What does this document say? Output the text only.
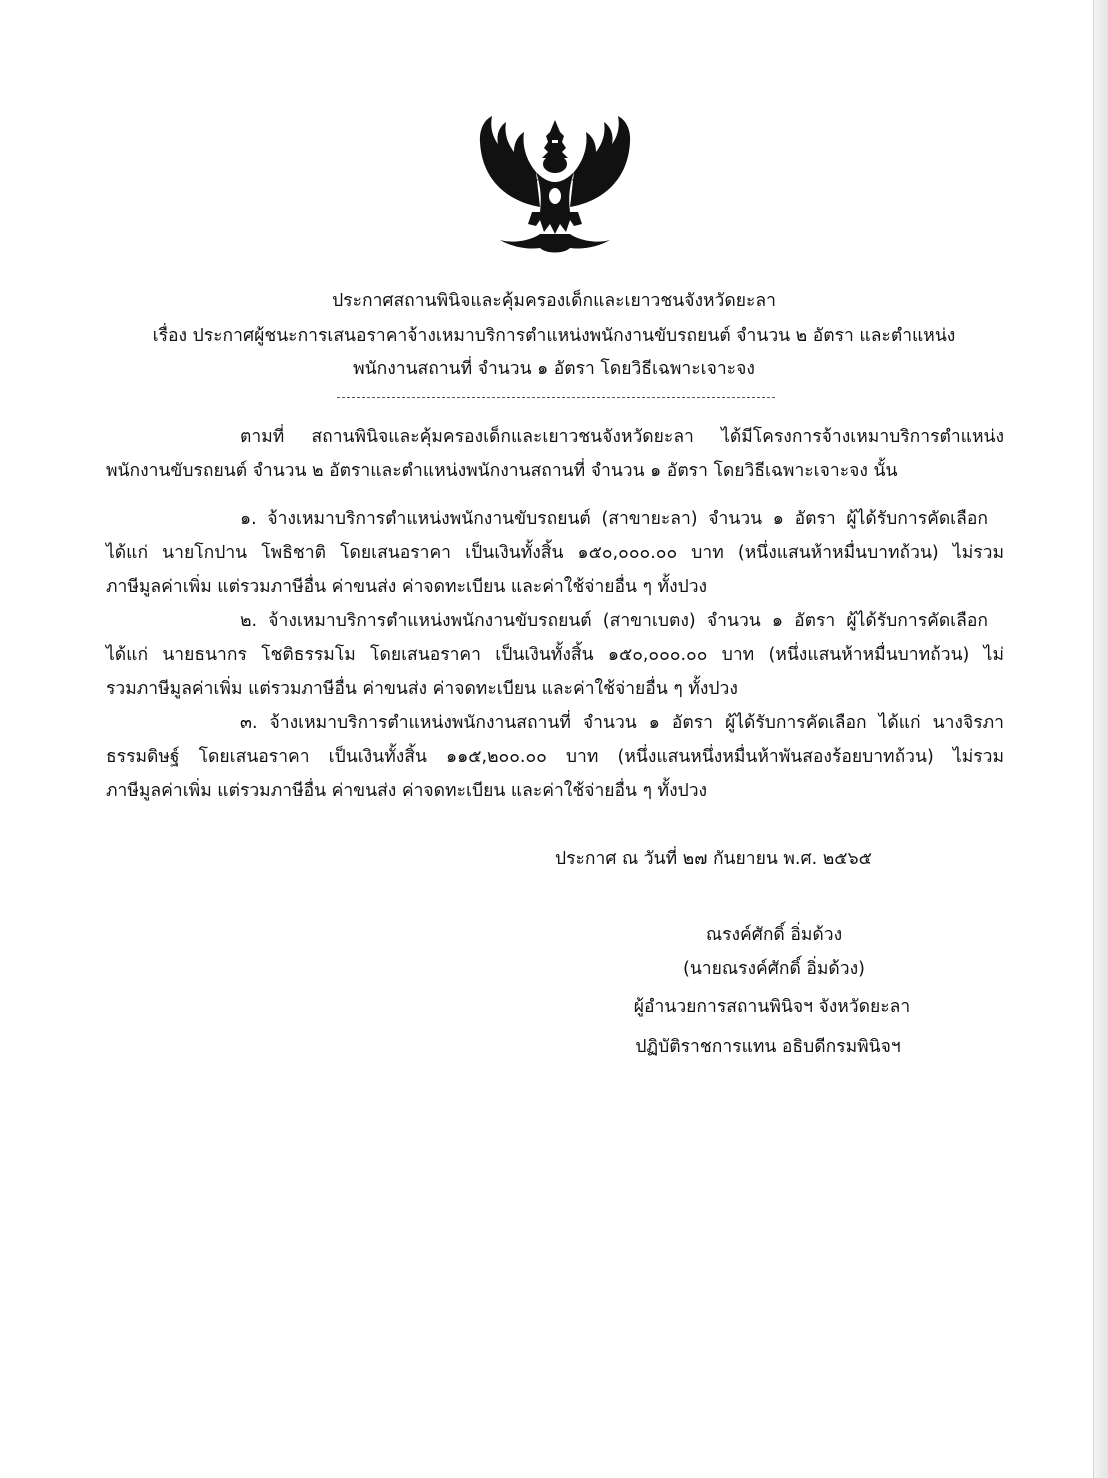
ประกาศสถานพินิจและคุ้มครองเด็กและเยาวชนจังหวัดยะลา
เรื่อง ประกาศผู้ชนะการเสนอราคาจ้างเหมาบริการตำแหน่งพนักงานขับรถยนต์ จำนวน ๒ อัตรา และตำแหน่ง
พนักงานสถานที่ จำนวน ๑ อัตรา โดยวิธีเฉพาะเจาะจง
ตามที่ สถานพินิจและคุ้มครองเด็กและเยาวชนจังหวัดยะลา ได้มีโครงการจ้างเหมาบริการตำแหน่ง
พนักงานขับรถยนต์ จำนวน ๒ อัตราและตำแหน่งพนักงานสถานที่ จำนวน ๑ อัตรา โดยวิธีเฉพาะเจาะจง นั้น
๑. จ้างเหมาบริการตำแหน่งพนักงานขับรถยนต์ (สาขายะลา) จำนวน ๑ อัตรา ผู้ได้รับการคัดเลือก
ได้แก่ นายโกปาน โพธิชาติ โดยเสนอราคา เป็นเงินทั้งสิ้น ๑๕๐,๐๐๐.๐๐ บาท (หนึ่งแสนห้าหมื่นบาทถ้วน) ไม่รวม
ภาษีมูลค่าเพิ่ม แต่รวมภาษีอื่น ค่าขนส่ง ค่าจดทะเบียน และค่าใช้จ่ายอื่น ๆ ทั้งปวง
๒. จ้างเหมาบริการตำแหน่งพนักงานขับรถยนต์ (สาขาเบตง) จำนวน ๑ อัตรา ผู้ได้รับการคัดเลือก
ได้แก่ นายธนากร โชติธรรมโม โดยเสนอราคา เป็นเงินทั้งสิ้น ๑๕๐,๐๐๐.๐๐ บาท (หนึ่งแสนห้าหมื่นบาทถ้วน) ไม่
รวมภาษีมูลค่าเพิ่ม แต่รวมภาษีอื่น ค่าขนส่ง ค่าจดทะเบียน และค่าใช้จ่ายอื่น ๆ ทั้งปวง
๓. จ้างเหมาบริการตำแหน่งพนักงานสถานที่ จำนวน ๑ อัตรา ผู้ได้รับการคัดเลือก ได้แก่ นางจิรภา
ธรรมดิษฐ์ โดยเสนอราคา เป็นเงินทั้งสิ้น ๑๑๕,๒๐๐.๐๐ บาท (หนึ่งแสนหนึ่งหมื่นห้าพันสองร้อยบาทถ้วน) ไม่รวม
ภาษีมูลค่าเพิ่ม แต่รวมภาษีอื่น ค่าขนส่ง ค่าจดทะเบียน และค่าใช้จ่ายอื่น ๆ ทั้งปวง
ประกาศ ณ วันที่ ๒๗ กันยายน พ.ศ. ๒๕๖๕
ณรงค์ศักดิ์ อิ่มด้วง
(นายณรงค์ศักดิ์ อิ่มด้วง)
ผู้อำนวยการสถานพินิจฯ จังหวัดยะลา
ปฏิบัติราชการแทน อธิบดีกรมพินิจฯ
